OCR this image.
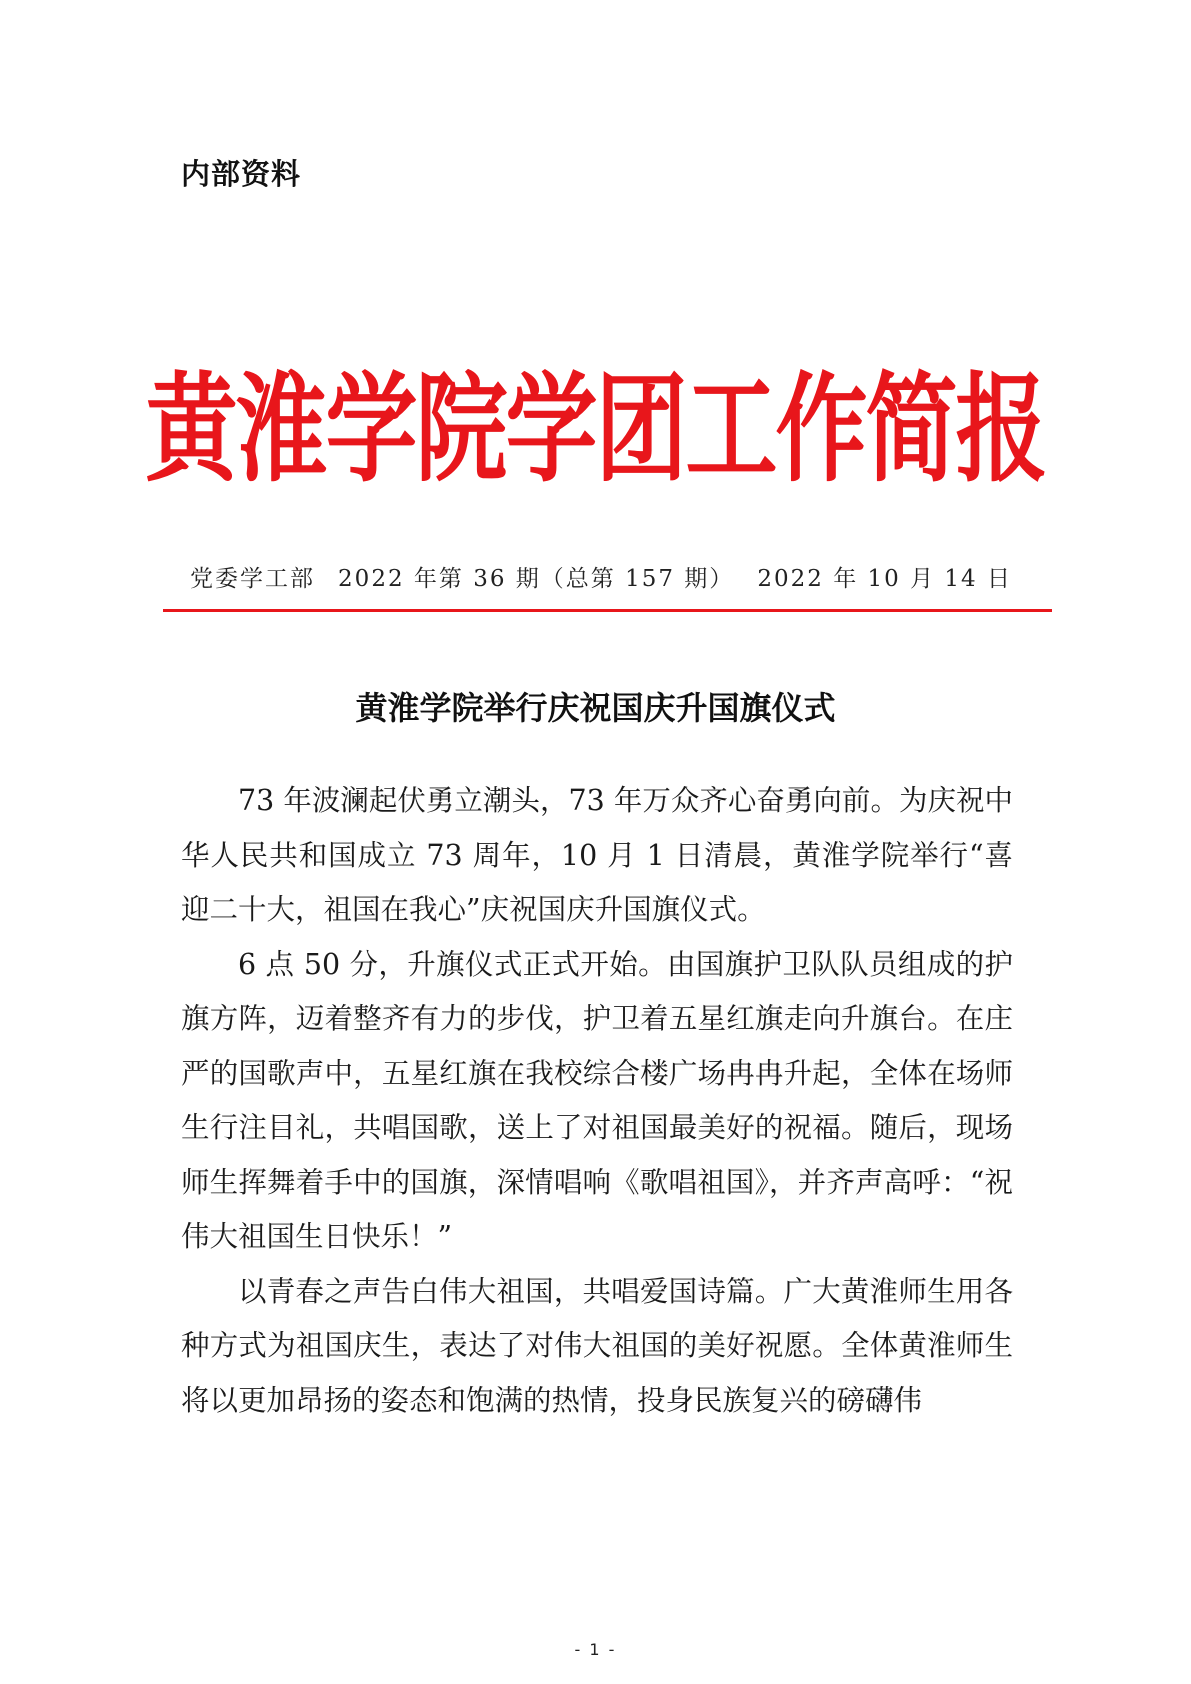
内部资料
黄淮学院学团工作简报
党委学工部 2022 年第 36 期（总第 157 期） 2022 年 10 月 14 日
黄淮学院举行庆祝国庆升国旗仪式

73 年波澜起伏勇立潮头，73 年万众齐心奋勇向前。为庆祝中华人民共和国成立 73 周年，10 月 1 日清晨，黄淮学院举行“喜迎二十大，祖国在我心”庆祝国庆升国旗仪式。

6 点 50 分，升旗仪式正式开始。由国旗护卫队队员组成的护旗方阵，迈着整齐有力的步伐，护卫着五星红旗走向升旗台。在庄严的国歌声中，五星红旗在我校综合楼广场冉冉升起，全体在场师生行注目礼，共唱国歌，送上了对祖国最美好的祝福。随后，现场师生挥舞着手中的国旗，深情唱响《歌唱祖国》，并齐声高呼：“祝伟大祖国生日快乐！”

以青春之声告白伟大祖国，共唱爱国诗篇。广大黄淮师生用各种方式为祖国庆生，表达了对伟大祖国的美好祝愿。全体黄淮师生将以更加昂扬的姿态和饱满的热情，投身民族复兴的磅礴伟

- 1 -
